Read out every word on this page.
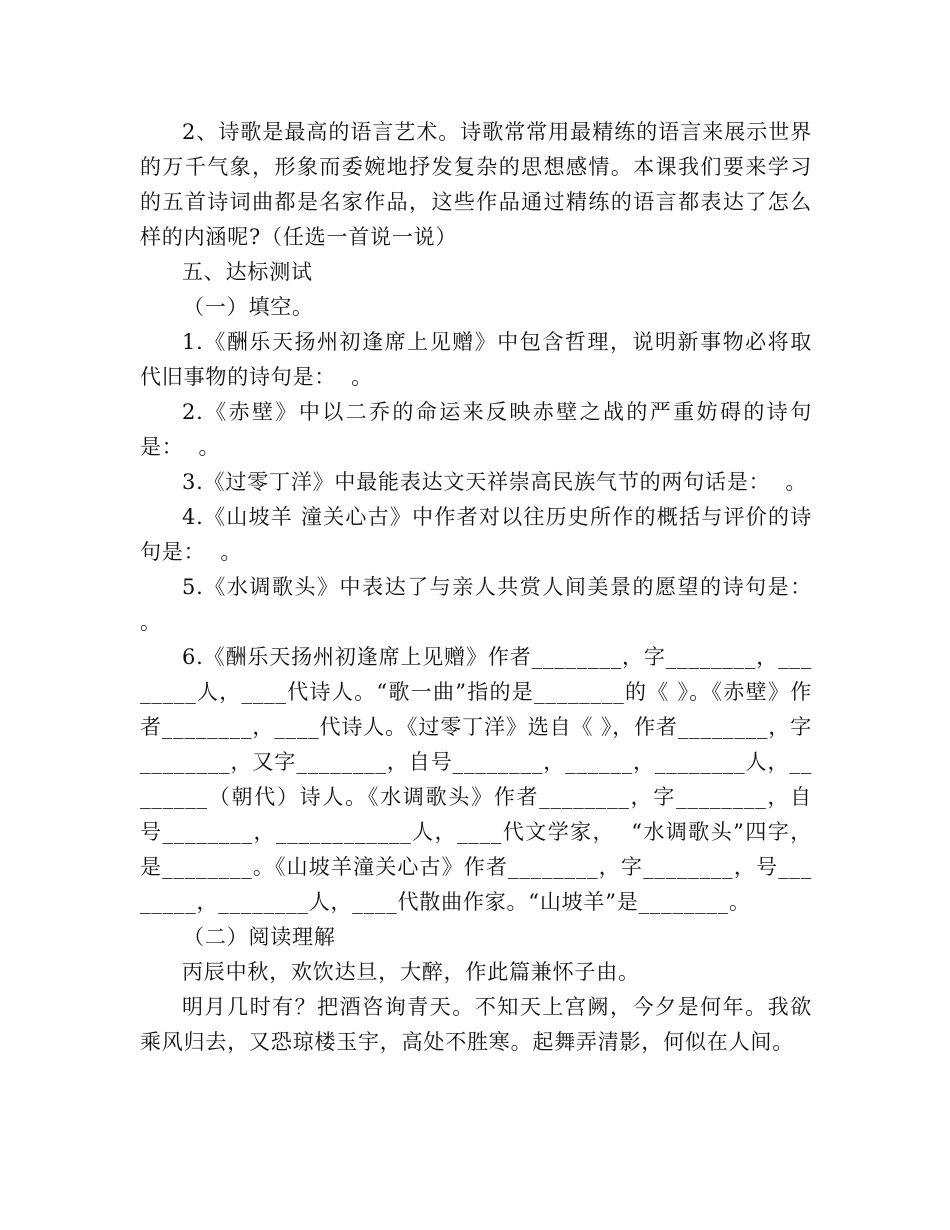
2、诗歌是最高的语言艺术。诗歌常常用最精练的语言来展示世界的万千气象，形象而委婉地抒发复杂的思想感情。本课我们要来学习的五首诗词曲都是名家作品，这些作品通过精练的语言都表达了怎么样的内涵呢?（任选一首说一说）

五、达标测试

（一）填空。

1.《酬乐天扬州初逢席上见赠》中包含哲理，说明新事物必将取代旧事物的诗句是：  。

2.《赤壁》中以二乔的命运来反映赤壁之战的严重妨碍的诗句是：  。

3.《过零丁洋》中最能表达文天祥崇高民族气节的两句话是：  。

4.《山坡羊 潼关心古》中作者对以往历史所作的概括与评价的诗句是：  。

5.《水调歌头》中表达了与亲人共赏人间美景的愿望的诗句是：  。

6.《酬乐天扬州初逢席上见赠》作者________，字________，________人，____代诗人。“歌一曲”指的是________的《 》。《赤壁》作者________，____代诗人。《过零丁洋》选自《 》，作者________，字________，又字________，自号________，______，________人，________（朝代）诗人。《水调歌头》作者________，字________，自号________，____________人，____代文学家，  “水调歌头”四字，是________。《山坡羊潼关心古》作者________，字________，号________，________人，____代散曲作家。“山坡羊”是________。

（二）阅读理解

丙辰中秋，欢饮达旦，大醉，作此篇兼怀子由。

明月几时有？把酒咨询青天。不知天上宫阙，今夕是何年。我欲乘风归去，又恐琼楼玉宇，高处不胜寒。起舞弄清影，何似在人间。
